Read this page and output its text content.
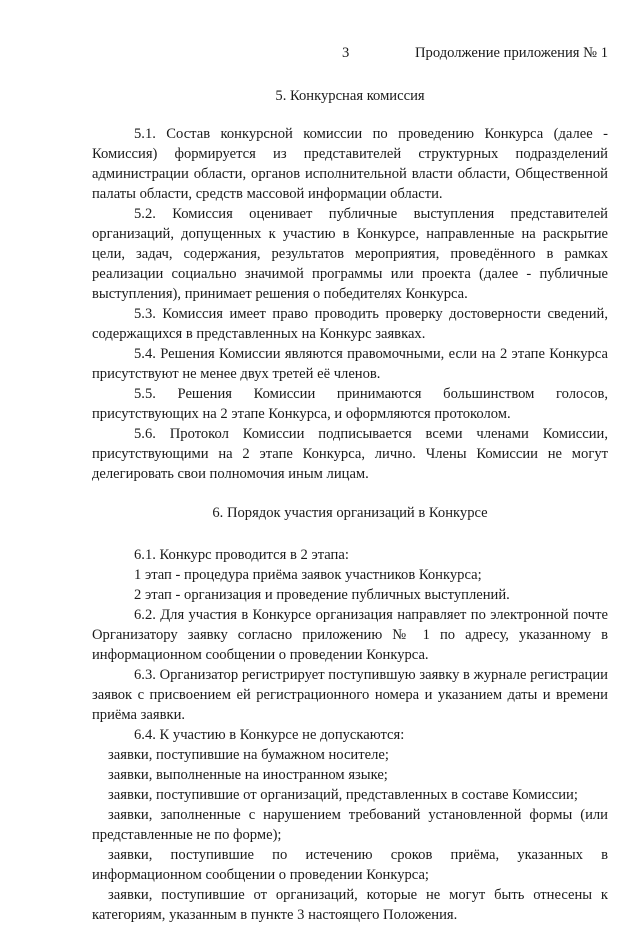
3	Продолжение приложения № 1
5. Конкурсная комиссия

5.1. Состав конкурсной комиссии по проведению Конкурса (далее - Комиссия) формируется из представителей структурных подразделений администрации области, органов исполнительной власти области, Общественной палаты области, средств массовой информации области.

5.2. Комиссия оценивает публичные выступления представителей организаций, допущенных к участию в Конкурсе, направленные на раскрытие цели, задач, содержания, результатов мероприятия, проведённого в рамках реализации социально значимой программы или проекта (далее - публичные выступления), принимает решения о победителях Конкурса.

5.3. Комиссия имеет право проводить проверку достоверности сведений, содержащихся в представленных на Конкурс заявках.

5.4. Решения Комиссии являются правомочными, если на 2 этапе Конкурса присутствуют не менее двух третей её членов.

5.5. Решения Комиссии принимаются большинством голосов, присутствующих на 2 этапе Конкурса, и оформляются протоколом.

5.6. Протокол Комиссии подписывается всеми членами Комиссии, присутствующими на 2 этапе Конкурса, лично. Члены Комиссии не могут делегировать свои полномочия иным лицам.

6. Порядок участия организаций в Конкурсе

6.1. Конкурс проводится в 2 этапа:

1 этап - процедура приёма заявок участников Конкурса;

2 этап - организация и проведение публичных выступлений.

6.2. Для участия в Конкурсе организация направляет по электронной почте Организатору заявку согласно приложению № 1 по адресу, указанному в информационном сообщении о проведении Конкурса.

6.3. Организатор регистрирует поступившую заявку в журнале регистрации заявок с присвоением ей регистрационного номера и указанием даты и времени приёма заявки.

6.4. К участию в Конкурсе не допускаются:

заявки, поступившие на бумажном носителе;

заявки, выполненные на иностранном языке;

заявки, поступившие от организаций, представленных в составе Комиссии;

заявки, заполненные с нарушением требований установленной формы (или представленные не по форме);

заявки, поступившие по истечению сроков приёма, указанных в информационном сообщении о проведении Конкурса;

заявки, поступившие от организаций, которые не могут быть отнесены к категориям, указанным в пункте 3 настоящего Положения.
